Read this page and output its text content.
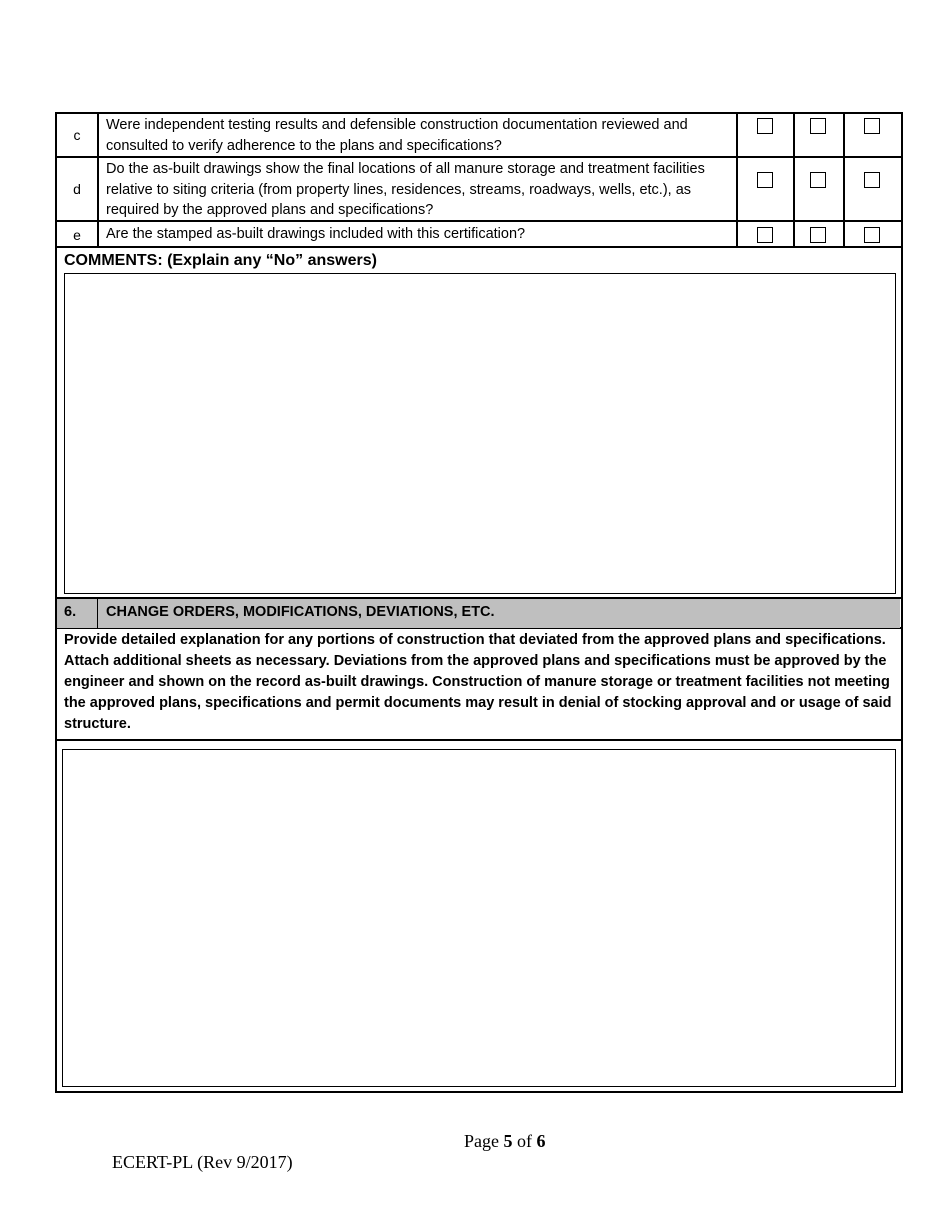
c
Were independent testing results and defensible construction documentation reviewed and consulted to verify adherence to the plans and specifications?
d
Do the as-built drawings show the final locations of all manure storage and treatment facilities relative to siting criteria (from property lines, residences, streams, roadways, wells, etc.), as required by the approved plans and specifications?
e	Are the stamped as-built drawings included with this certification?
COMMENTS: (Explain any “No” answers)
6. CHANGE ORDERS, MODIFICATIONS, DEVIATIONS, ETC.
Provide detailed explanation for any portions of construction that deviated from the approved plans and specifications. Attach additional sheets as necessary. Deviations from the approved plans and specifications must be approved by the engineer and shown on the record as-built drawings. Construction of manure storage or treatment facilities not meeting the approved plans, specifications and permit documents may result in denial of stocking approval and or usage of said structure.
Page 5 of 6
ECERT-PL (Rev 9/2017)
